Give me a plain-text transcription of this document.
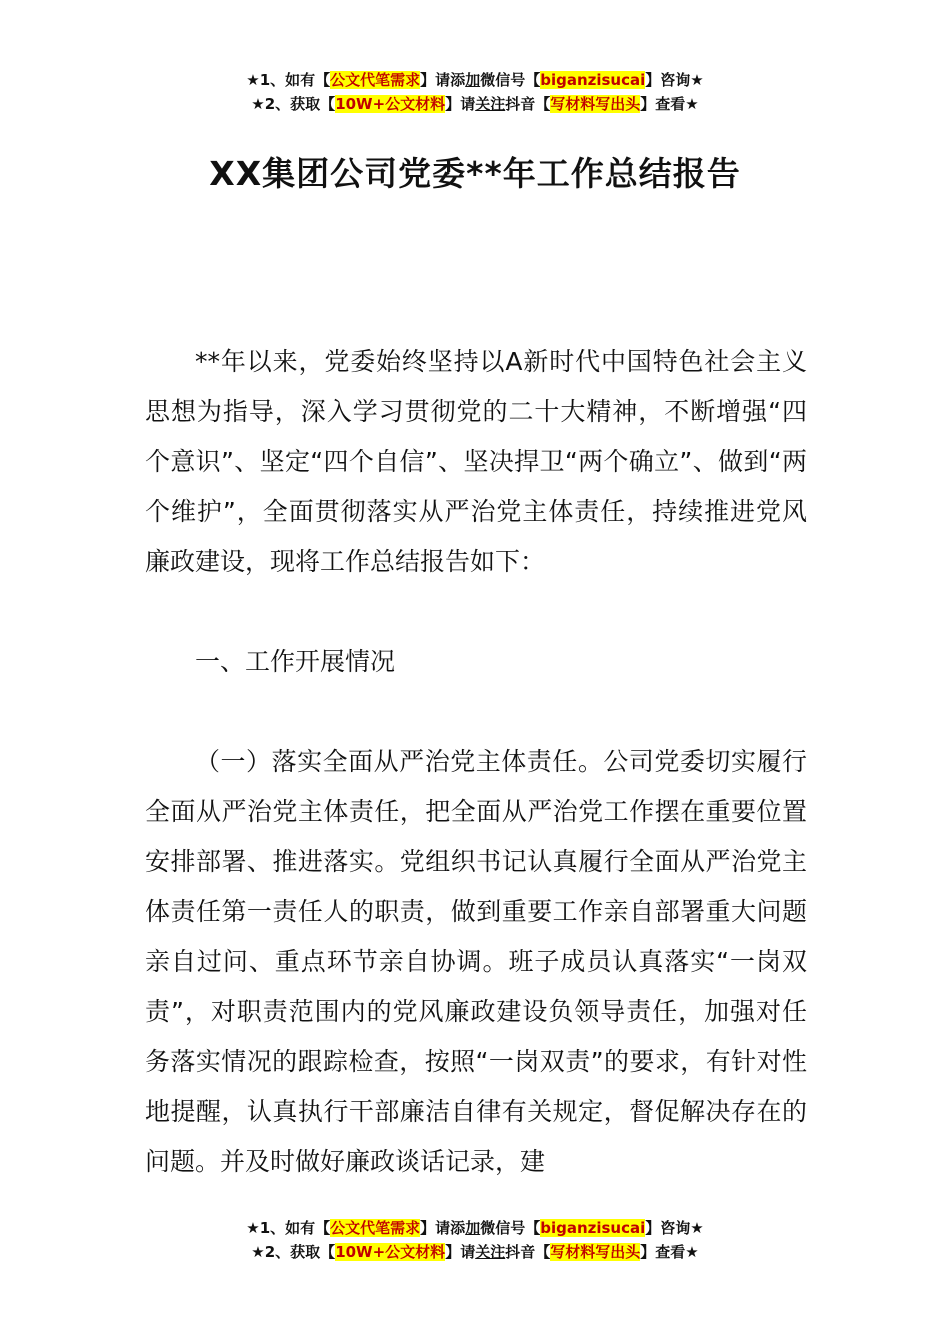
★1、如有【公文代笔需求】请添加微信号【biganzisucai】咨询★
★2、获取【10W+公文材料】请关注抖音【写材料写出头】查看★
XX集团公司党委**年工作总结报告

**年以来，党委始终坚持以A新时代中国特色社会主义思想为指导，深入学习贯彻党的二十大精神，不断增强“四个意识”、坚定“四个自信”、坚决捍卫“两个确立”、做到“两个维护”，全面贯彻落实从严治党主体责任，持续推进党风廉政建设，现将工作总结报告如下：

一、工作开展情况

（一）落实全面从严治党主体责任。公司党委切实履行全面从严治党主体责任，把全面从严治党工作摆在重要位置安排部署、推进落实。党组织书记认真履行全面从严治党主体责任第一责任人的职责，做到重要工作亲自部署重大问题亲自过问、重点环节亲自协调。班子成员认真落实“一岗双责”，对职责范围内的党风廉政建设负领导责任，加强对任务落实情况的跟踪检查，按照“一岗双责”的要求，有针对性地提醒，认真执行干部廉洁自律有关规定，督促解决存在的问题。并及时做好廉政谈话记录，建

★1、如有【公文代笔需求】请添加微信号【biganzisucai】咨询★
★2、获取【10W+公文材料】请关注抖音【写材料写出头】查看★
